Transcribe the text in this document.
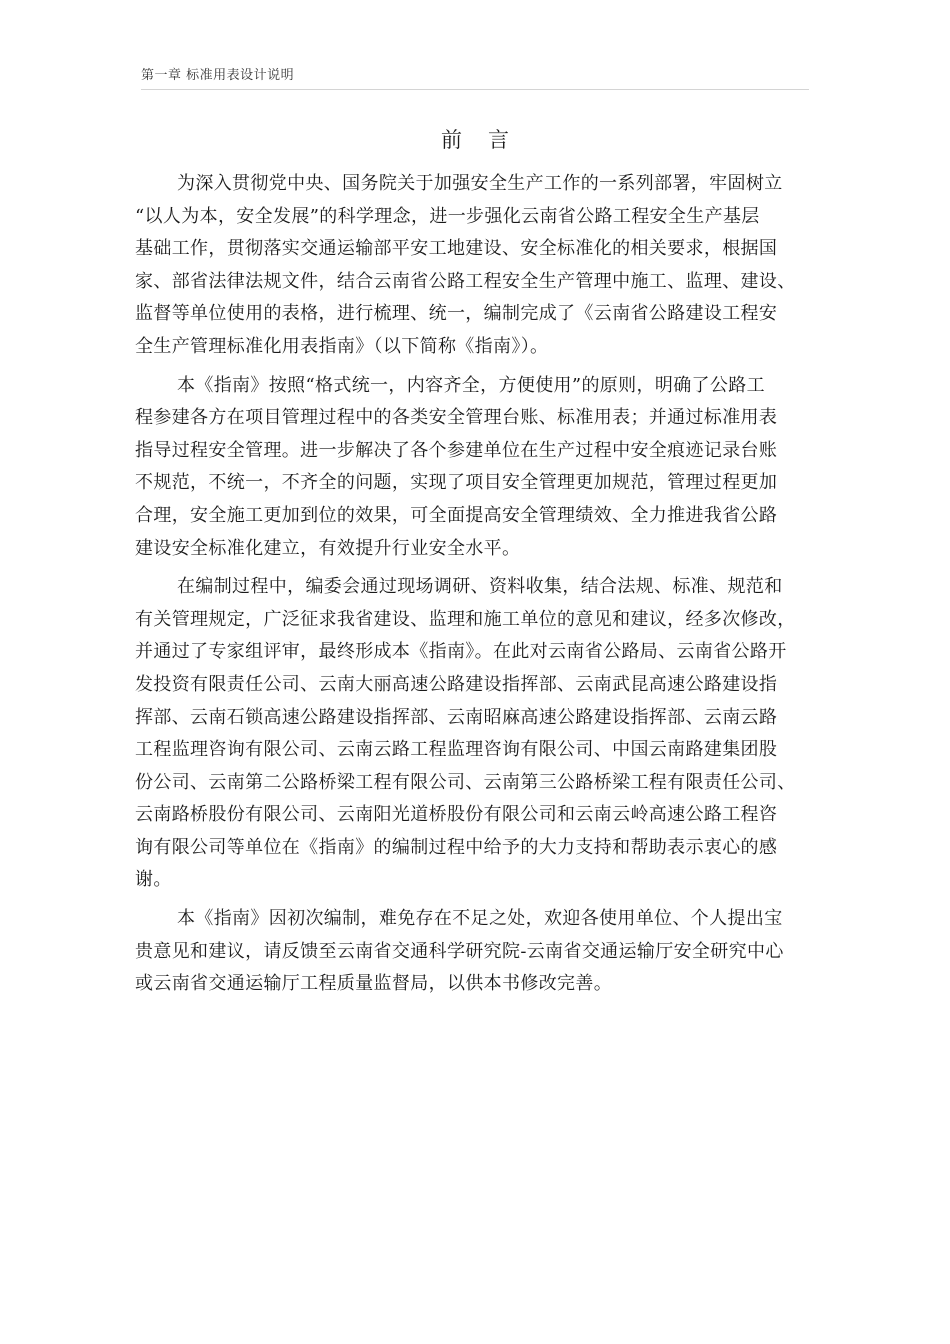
第一章 标准用表设计说明
前言
为深入贯彻党中央、国务院关于加强安全生产工作的一系列部署，牢固树立
“以人为本，安全发展”的科学理念，进一步强化云南省公路工程安全生产基层
基础工作，贯彻落实交通运输部平安工地建设、安全标准化的相关要求，根据国
家、部省法律法规文件，结合云南省公路工程安全生产管理中施工、监理、建设、
监督等单位使用的表格，进行梳理、统一，编制完成了《云南省公路建设工程安
全生产管理标准化用表指南》（以下简称《指南》）。
本《指南》按照“格式统一，内容齐全，方便使用”的原则，明确了公路工
程参建各方在项目管理过程中的各类安全管理台账、标准用表；并通过标准用表
指导过程安全管理。进一步解决了各个参建单位在生产过程中安全痕迹记录台账
不规范，不统一，不齐全的问题，实现了项目安全管理更加规范，管理过程更加
合理，安全施工更加到位的效果，可全面提高安全管理绩效、全力推进我省公路
建设安全标准化建立，有效提升行业安全水平。
在编制过程中，编委会通过现场调研、资料收集，结合法规、标准、规范和
有关管理规定，广泛征求我省建设、监理和施工单位的意见和建议，经多次修改，
并通过了专家组评审，最终形成本《指南》。在此对云南省公路局、云南省公路开
发投资有限责任公司、云南大丽高速公路建设指挥部、云南武昆高速公路建设指
挥部、云南石锁高速公路建设指挥部、云南昭麻高速公路建设指挥部、云南云路
工程监理咨询有限公司、云南云路工程监理咨询有限公司、中国云南路建集团股
份公司、云南第二公路桥梁工程有限公司、云南第三公路桥梁工程有限责任公司、
云南路桥股份有限公司、云南阳光道桥股份有限公司和云南云岭高速公路工程咨
询有限公司等单位在《指南》的编制过程中给予的大力支持和帮助表示衷心的感
谢。
本《指南》因初次编制，难免存在不足之处，欢迎各使用单位、个人提出宝
贵意见和建议，请反馈至云南省交通科学研究院-云南省交通运输厅安全研究中心
或云南省交通运输厅工程质量监督局，以供本书修改完善。
